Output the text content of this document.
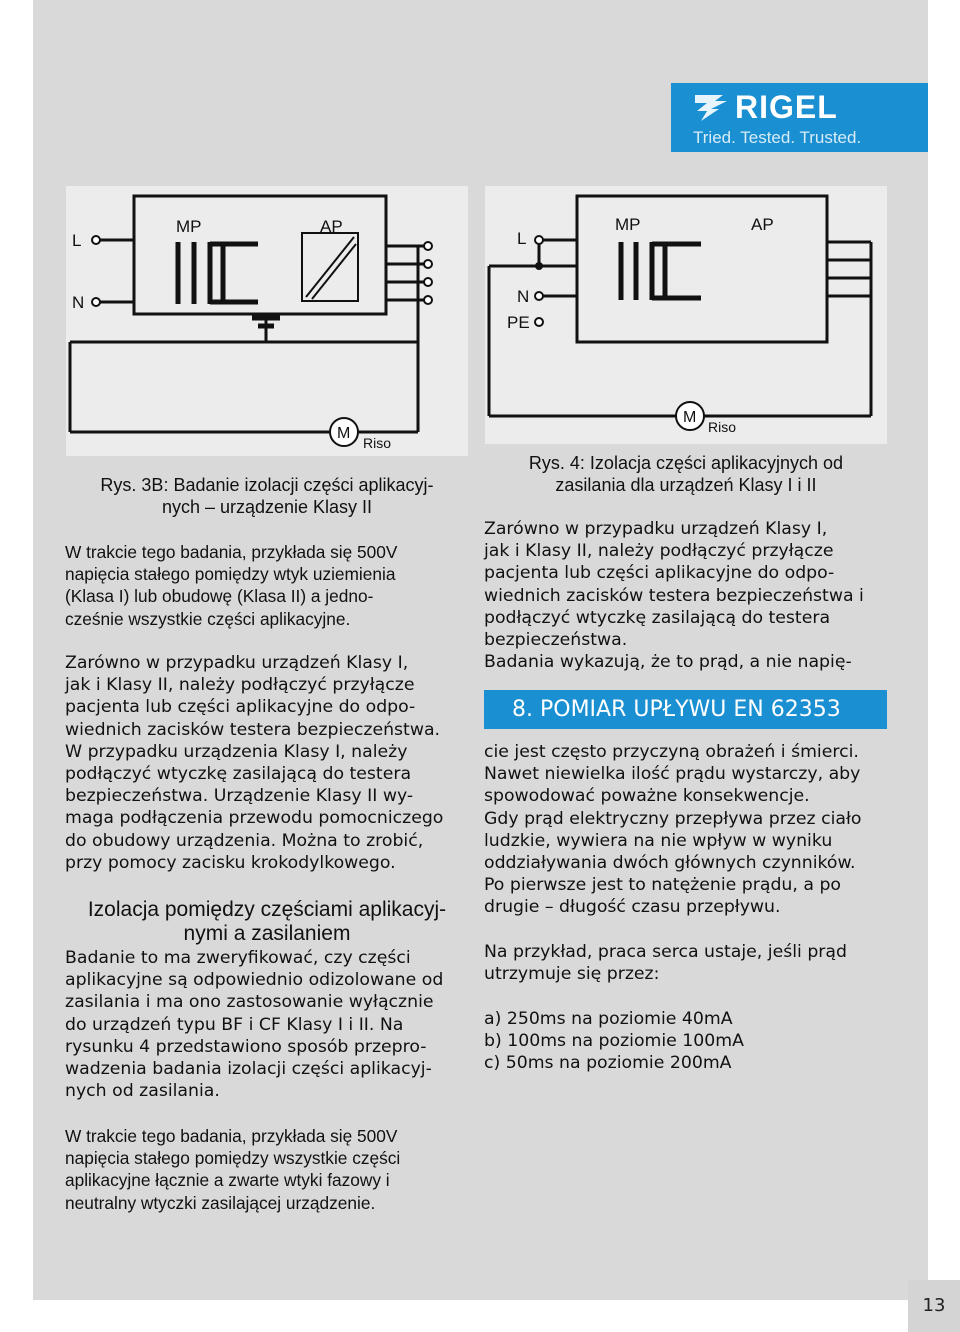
RIGEL
Tried. Tested. Trusted.
L
N
MP	AP
M
Riso
L
N
PE
MP	AP
M
Riso
Rys. 3B: Badanie izolacji części aplikacyj-
nych – urządzenie Klasy II
W trakcie tego badania, przykłada się 500V
napięcia stałego pomiędzy wtyk uziemienia
(Klasa I) lub obudowę (Klasa II) a jedno-
cześnie wszystkie części aplikacyjne.
Zarówno w przypadku urządzeń Klasy I,
jak i Klasy II, należy podłączyć przyłącze
pacjenta lub części aplikacyjne do odpo-
wiednich zacisków testera bezpieczeństwa.
W przypadku urządzenia Klasy I, należy
podłączyć wtyczkę zasilającą do testera
bezpieczeństwa. Urządzenie Klasy II wy-
maga podłączenia przewodu pomocniczego
do obudowy urządzenia. Można to zrobić,
przy pomocy zacisku krokodylkowego.
Izolacja pomiędzy częściami aplikacyj-
nymi a zasilaniem
Badanie to ma zweryfikować, czy części
aplikacyjne są odpowiednio odizolowane od
zasilania i ma ono zastosowanie wyłącznie
do urządzeń typu BF i CF Klasy I i II. Na
rysunku 4 przedstawiono sposób przepro-
wadzenia badania izolacji części aplikacyj-
nych od zasilania.
W trakcie tego badania, przykłada się 500V
napięcia stałego pomiędzy wszystkie części
aplikacyjne łącznie a zwarte wtyki fazowy i
neutralny wtyczki zasilającej urządzenie.
Rys. 4: Izolacja części aplikacyjnych od
zasilania dla urządzeń Klasy I i II
Zarówno w przypadku urządzeń Klasy I,
jak i Klasy II, należy podłączyć przyłącze
pacjenta lub części aplikacyjne do odpo-
wiednich zacisków testera bezpieczeństwa i
podłączyć wtyczkę zasilającą do testera
bezpieczeństwa.
Badania wykazują, że to prąd, a nie napię-
8. POMIAR UPŁYWU EN 62353
cie jest często przyczyną obrażeń i śmierci.
Nawet niewielka ilość prądu wystarczy, aby
spowodować poważne konsekwencje.
Gdy prąd elektryczny przepływa przez ciało
ludzkie, wywiera na nie wpływ w wyniku
oddziaływania dwóch głównych czynników.
Po pierwsze jest to natężenie prądu, a po
drugie – długość czasu przepływu.
Na przykład, praca serca ustaje, jeśli prąd
utrzymuje się przez:
a) 250ms na poziomie 40mA
b) 100ms na poziomie 100mA
c) 50ms na poziomie 200mA
13
